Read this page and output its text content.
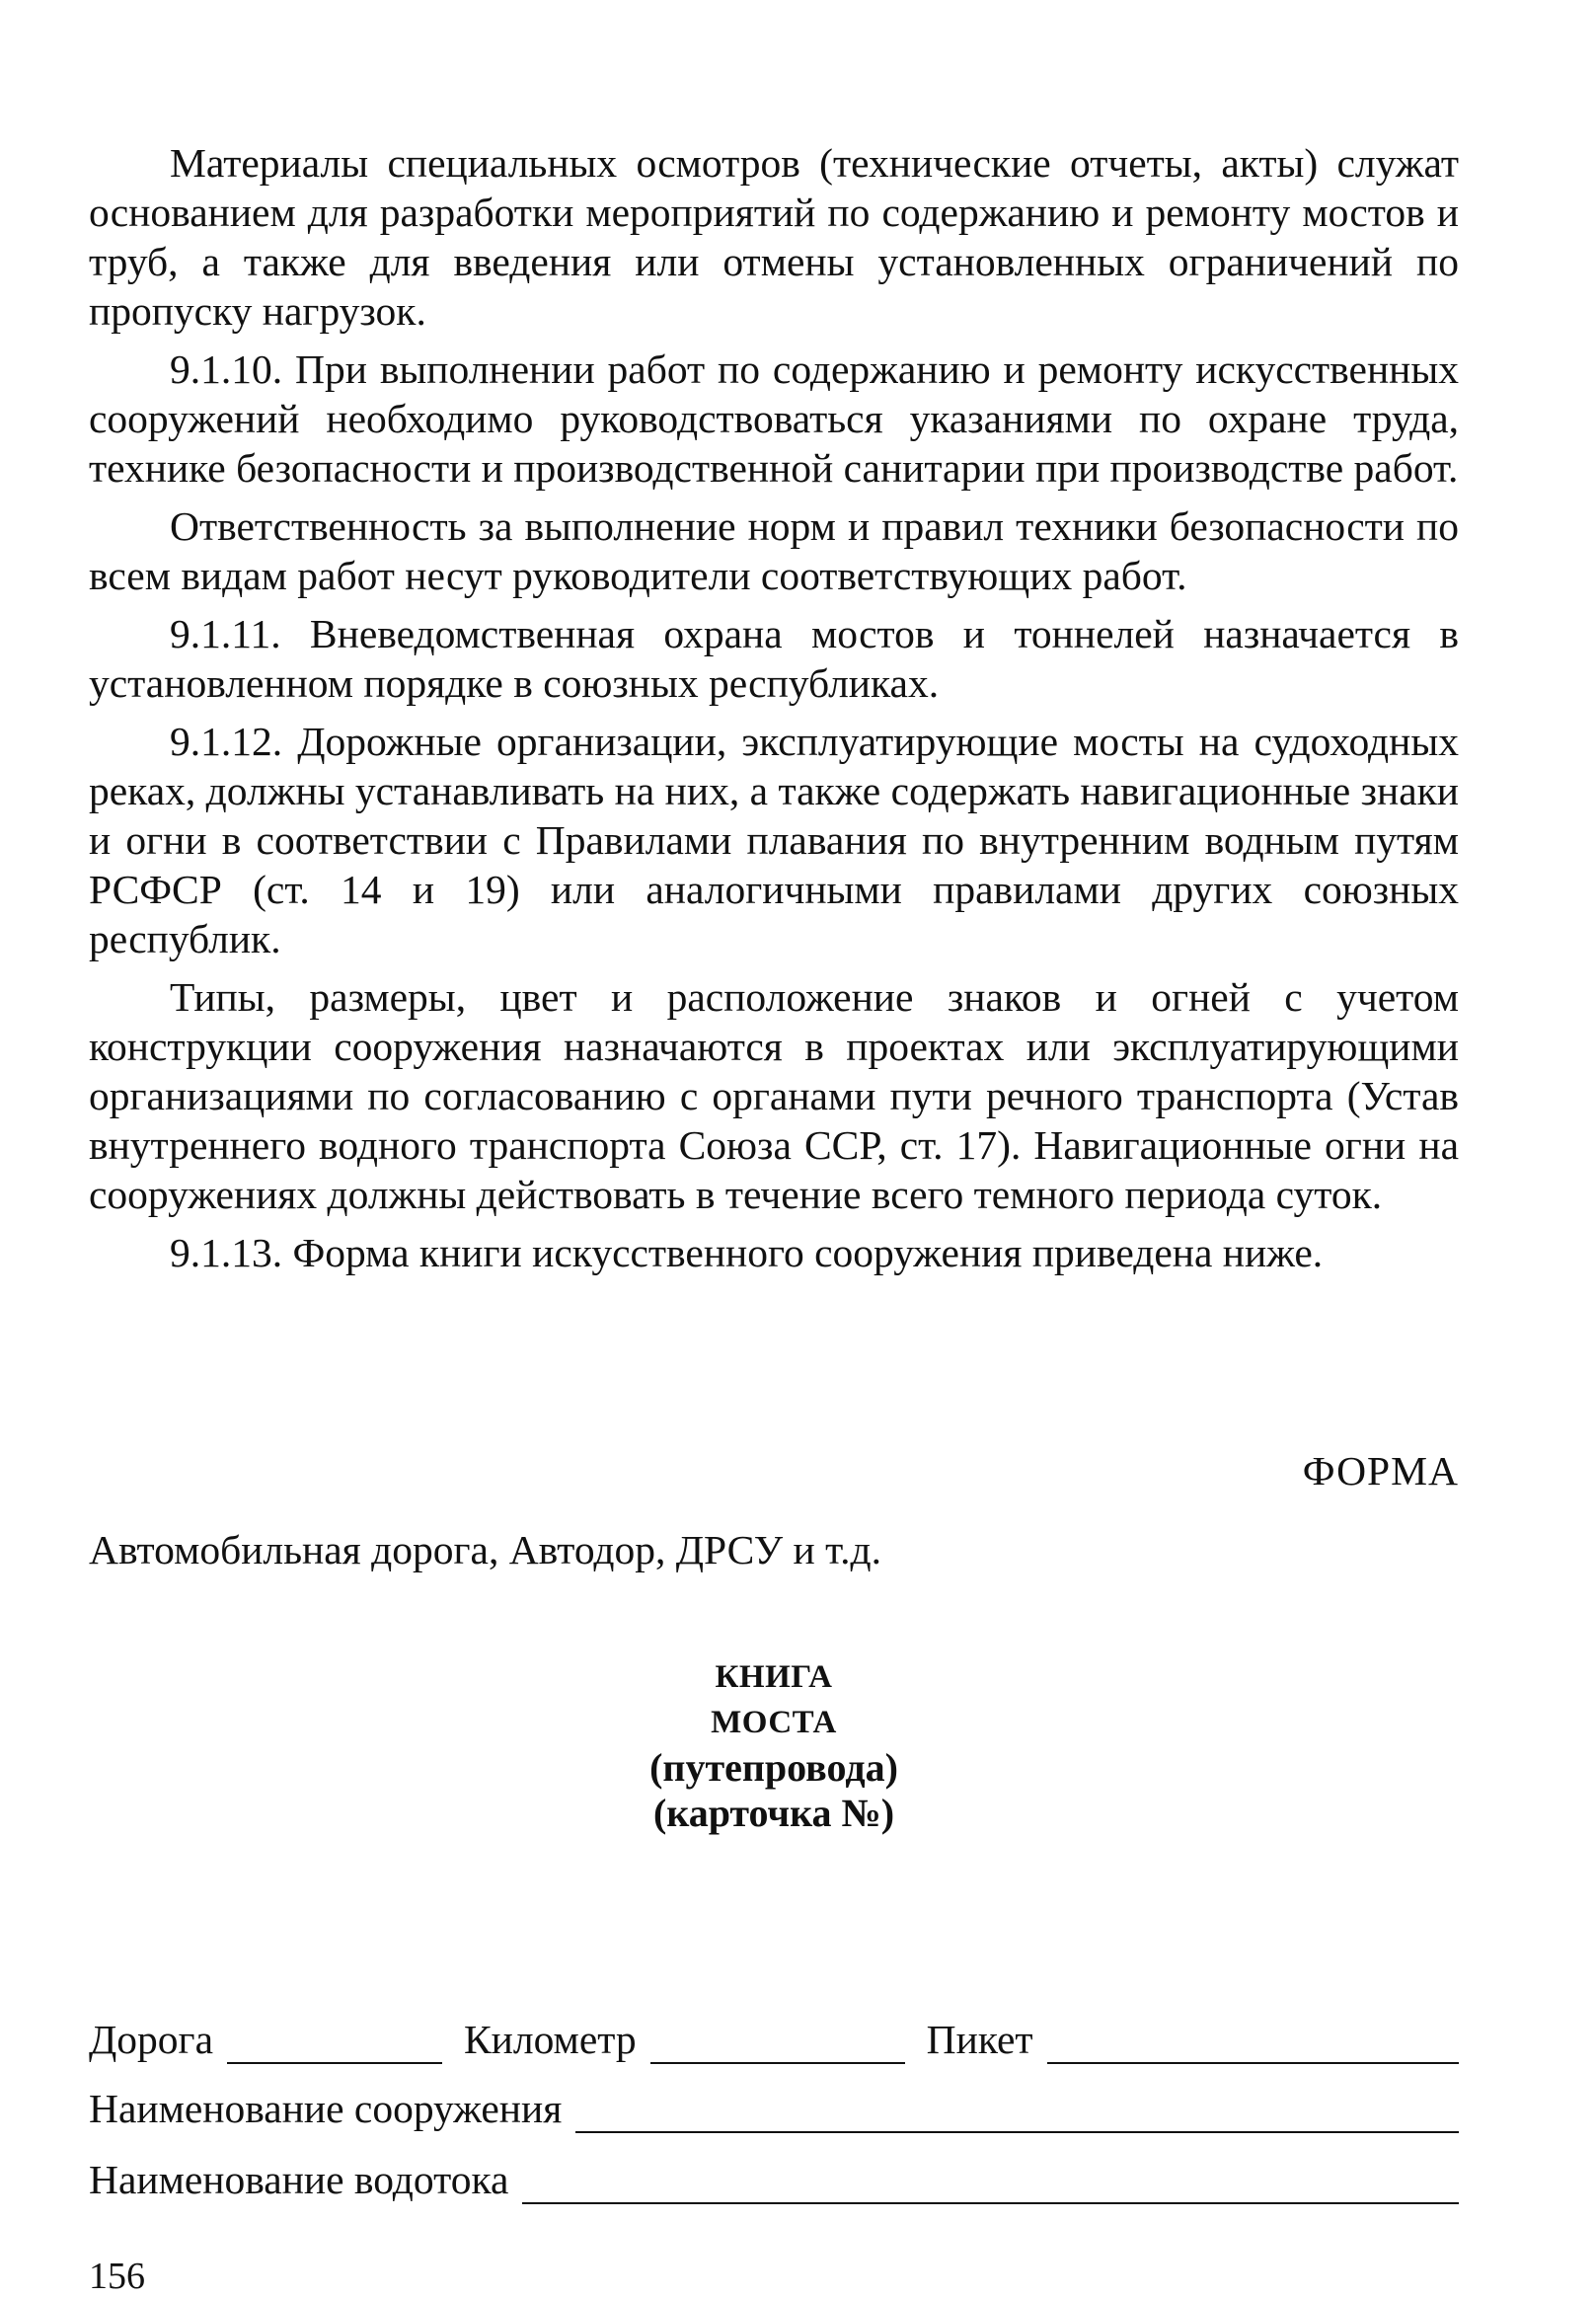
Материалы специальных осмотров (технические отчеты, акты) служат основанием для разработки мероприятий по содержанию и ремонту мостов и труб, а также для введения или отмены установленных ограничений по пропуску нагрузок.

9.1.10. При выполнении работ по содержанию и ремонту искусственных сооружений необходимо руководствоваться указаниями по охране труда, технике безопасности и производственной санитарии при производстве работ.

Ответственность за выполнение норм и правил техники безопасности по всем видам работ несут руководители соответствующих работ.

9.1.11. Вневедомственная охрана мостов и тоннелей назначается в установленном порядке в союзных республиках.

9.1.12. Дорожные организации, эксплуатирующие мосты на судоходных реках, должны устанавливать на них, а также содержать навигационные знаки и огни в соответствии с Правилами плавания по внутренним водным путям РСФСР (ст. 14 и 19) или аналогичными правилами других союзных республик.

Типы, размеры, цвет и расположение знаков и огней с учетом конструкции сооружения назначаются в проектах или эксплуатирующими организациями по согласованию с органами пути речного транспорта (Устав внутреннего водного транспорта Союза ССР, ст. 17). Навигационные огни на сооружениях должны действовать в течение всего темного периода суток.

9.1.13. Форма книги искусственного сооружения приведена ниже.

ФОРМА
Автомобильная дорога, Автодор, ДРСУ и т.д.
КНИГА
МОСТА
(путепровода)
(карточка №)
Дорога	Километр	Пикет
Наименование сооружения
Наименование водотока
156
